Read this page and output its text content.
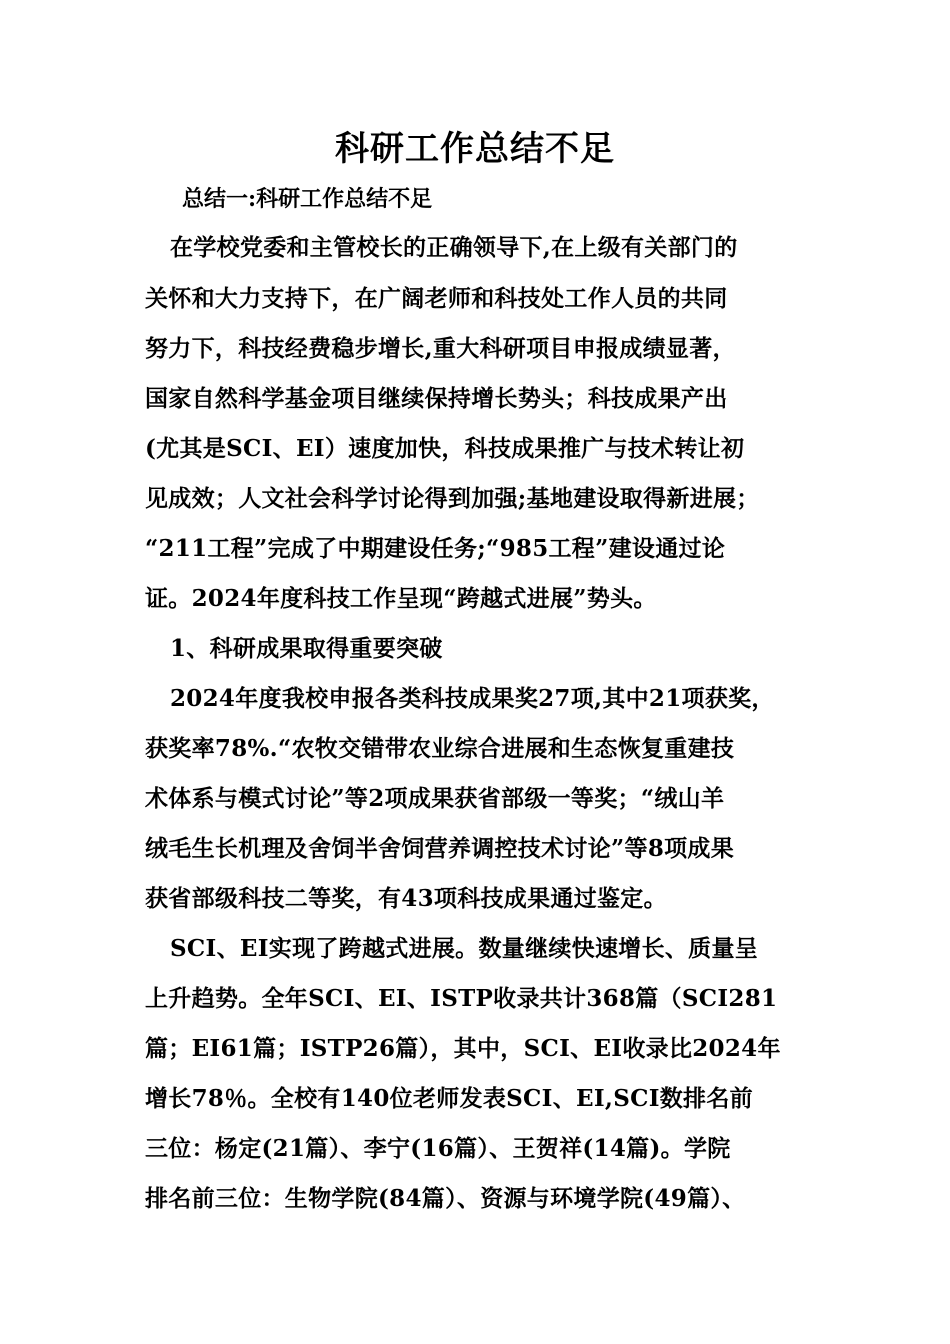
科研工作总结不足
总结一:科研工作总结不足
在学校党委和主管校长的正确领导下,在上级有关部门的
关怀和大力支持下，在广阔老师和科技处工作人员的共同
努力下，科技经费稳步增长,重大科研项目申报成绩显著，
国家自然科学基金项目继续保持增长势头；科技成果产出
(尤其是SCI、EI）速度加快，科技成果推广与技术转让初
见成效；人文社会科学讨论得到加强;基地建设取得新进展；
“211工程”完成了中期建设任务;“985工程”建设通过论
证。2024年度科技工作呈现“跨越式进展”势头。
1、科研成果取得重要突破
2024年度我校申报各类科技成果奖27项,其中21项获奖，
获奖率78%.“农牧交错带农业综合进展和生态恢复重建技
术体系与模式讨论”等2项成果获省部级一等奖；“绒山羊
绒毛生长机理及舍饲半舍饲营养调控技术讨论”等8项成果
获省部级科技二等奖，有43项科技成果通过鉴定。
SCI、EI实现了跨越式进展。数量继续快速增长、质量呈
上升趋势。全年SCI、EI、ISTP收录共计368篇（SCI281
篇；EI61篇；ISTP26篇），其中，SCI、EI收录比2024年
增长78％。全校有140位老师发表SCI、EI,SCI数排名前
三位：杨定(21篇）、李宁(16篇）、王贺祥(14篇)。学院
排名前三位：生物学院(84篇）、资源与环境学院(49篇）、
